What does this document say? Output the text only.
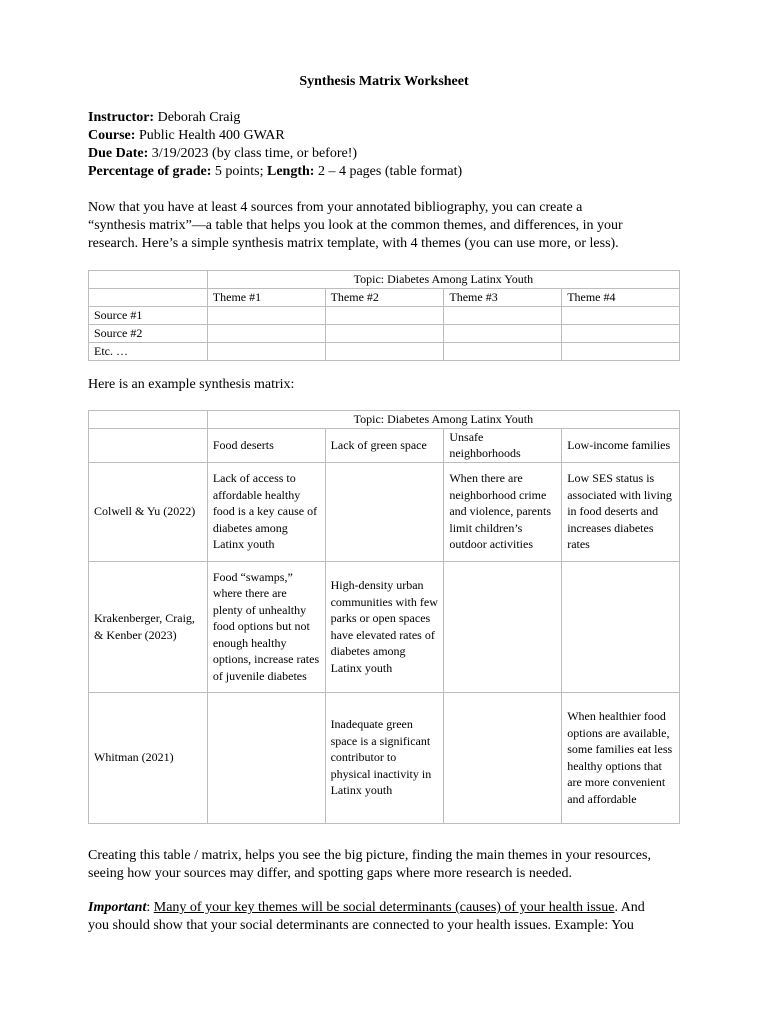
Synthesis Matrix Worksheet
Instructor: Deborah Craig
Course: Public Health 400 GWAR
Due Date: 3/19/2023 (by class time, or before!)
Percentage of grade: 5 points; Length: 2 – 4 pages (table format)
Now that you have at least 4 sources from your annotated bibliography, you can create a
“synthesis matrix”—a table that helps you look at the common themes, and differences, in your
research. Here’s a simple synthesis matrix template, with 4 themes (you can use more, or less).
	Topic: Diabetes Among Latinx Youth			
	Theme #1	Theme #2	Theme #3	Theme #4
Source #1				
Source #2				
Etc. …				
Here is an example synthesis matrix:
	Topic: Diabetes Among Latinx Youth			
	Food deserts	Lack of green space	Unsafe neighborhoods	Low-income families
Colwell & Yu (2022)	Lack of access to affordable healthy food is a key cause of diabetes among Latinx youth		When there are neighborhood crime and violence, parents limit children’s outdoor activities	Low SES status is associated with living in food deserts and increases diabetes rates
Krakenberger, Craig, & Kenber (2023)	Food “swamps,” where there are plenty of unhealthy food options but not enough healthy options, increase rates of juvenile diabetes	High-density urban communities with few parks or open spaces have elevated rates of diabetes among Latinx youth		
Whitman (2021)		Inadequate green space is a significant contributor to physical inactivity in Latinx youth		When healthier food options are available, some families eat less healthy options that are more convenient and affordable
Creating this table / matrix, helps you see the big picture, finding the main themes in your resources,
seeing how your sources may differ, and spotting gaps where more research is needed.
Important: Many of your key themes will be social determinants (causes) of your health issue. And
you should show that your social determinants are connected to your health issues. Example: You
